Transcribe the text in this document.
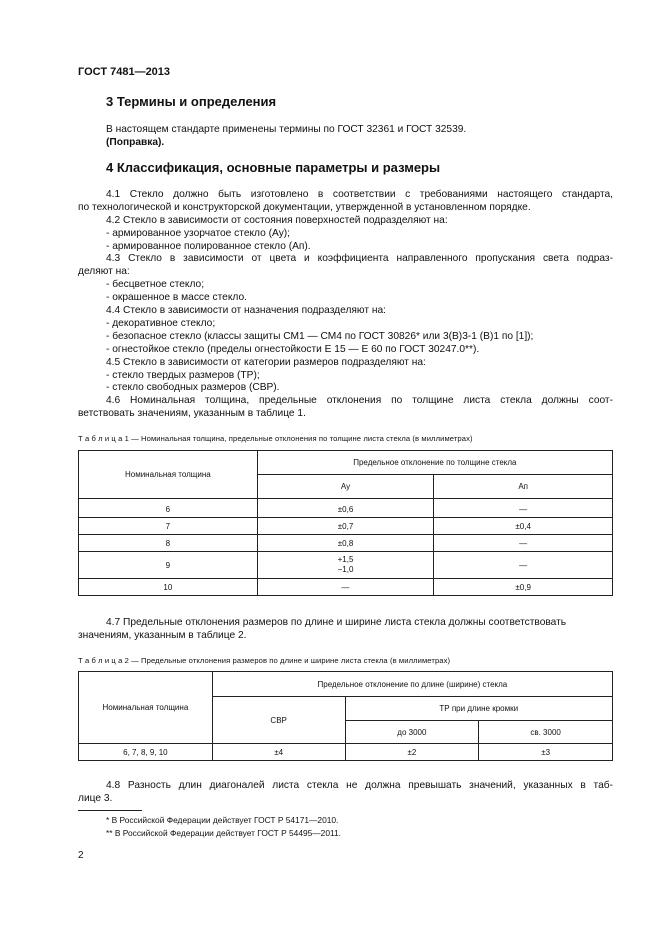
ГОСТ 7481—2013
3 Термины и определения
В настоящем стандарте применены термины по ГОСТ 32361 и ГОСТ 32539.
(Поправка).
4 Классификация, основные параметры и размеры
4.1 Стекло должно быть изготовлено в соответствии с требованиями настоящего стандарта,
по технологической и конструкторской документации, утвержденной в установленном порядке.
4.2 Стекло в зависимости от состояния поверхностей подразделяют на:
- армированное узорчатое стекло (Ау);
- армированное полированное стекло (Ап).
4.3 Стекло в зависимости от цвета и коэффициента направленного пропускания света подраз-
деляют на:
- бесцветное стекло;
- окрашенное в массе стекло.
4.4 Стекло в зависимости от назначения подразделяют на:
- декоративное стекло;
- безопасное стекло (классы защиты СМ1 — СМ4 по ГОСТ 30826* или 3(В)3-1 (В)1 по [1]);
- огнестойкое стекло (пределы огнестойкости Е 15 — Е 60 по ГОСТ 30247.0**).
4.5 Стекло в зависимости от категории размеров подразделяют на:
- стекло твердых размеров (ТР);
- стекло свободных размеров (СВР).
4.6 Номинальная толщина, предельные отклонения по толщине листа стекла должны соот-
ветствовать значениям, указанным в таблице 1.
Т а б л и ц а 1 — Номинальная толщина, предельные отклонения по толщине листа стекла (в миллиметрах)
Номинальная толщина	Предельное отклонение по толщине стекла	
	Ау	Ап

6	±0,6	—
7	±0,7	±0,4
8	±0,8	—
9	+1,5
−1,0	—
10	—	±0,9
4.7 Предельные отклонения размеров по длине и ширине листа стекла должны соответствовать
значениям, указанным в таблице 2.
Т а б л и ц а 2 — Предельные отклонения размеров по длине и ширине листа стекла (в миллиметрах)
Номинальная толщина	Предельное отклонение по длине (ширине) стекла		
	СВР	ТР при длине кромки	
		до 3000	св. 3000
6, 7, 8, 9, 10	±4	±2	±3
4.8 Разность длин диагоналей листа стекла не должна превышать значений, указанных в таб-
лице 3.
* В Российской Федерации действует ГОСТ Р 54171—2010.
** В Российской Федерации действует ГОСТ Р 54495—2011.
2
